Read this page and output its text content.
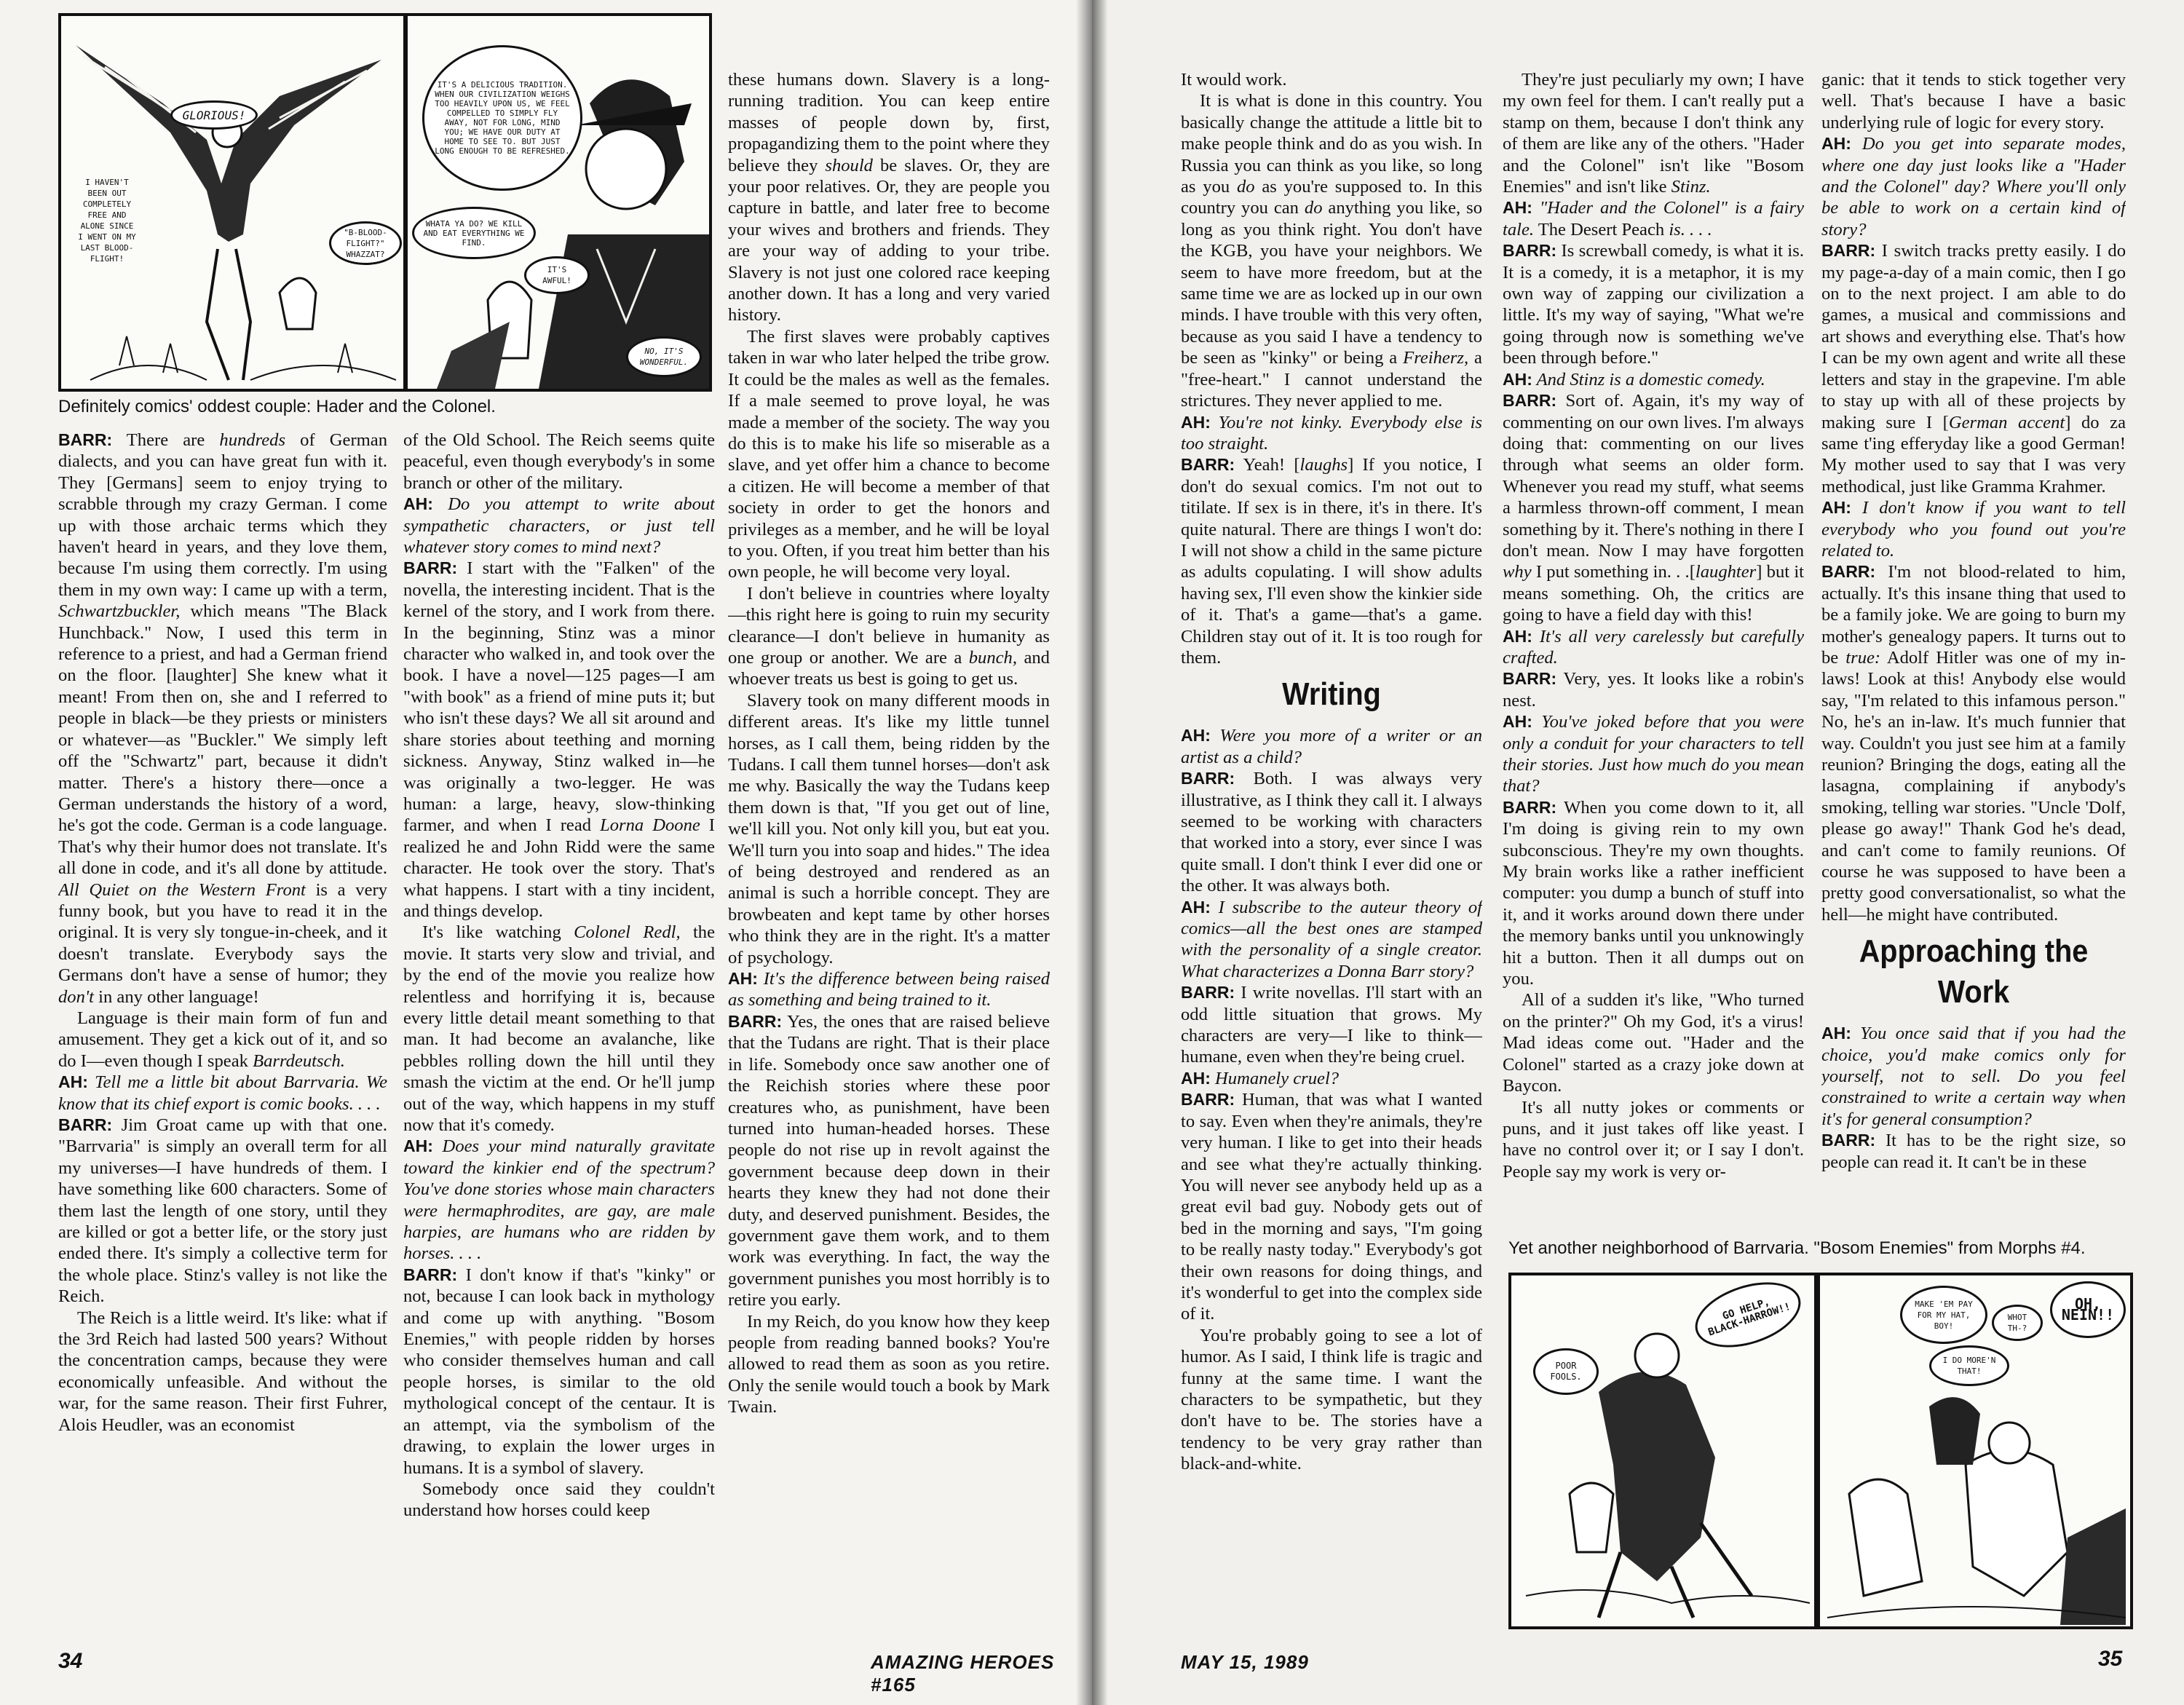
GLORIOUS!
I HAVEN'T BEEN OUT COMPLETELY FREE AND ALONE SINCE I WENT ON MY LAST BLOOD-FLIGHT!
"B-BLOOD-FLIGHT?" WHAZZAT?
IT'S A DELICIOUS TRADITION. WHEN OUR CIVILIZATION WEIGHS TOO HEAVILY UPON US, WE FEEL COMPELLED TO SIMPLY FLY AWAY, NOT FOR LONG, MIND YOU; WE HAVE OUR DUTY AT HOME TO SEE TO. BUT JUST LONG ENOUGH TO BE REFRESHED.
WHATA YA DO? WE KILL AND EAT EVERYTHING WE FIND.
IT'S AWFUL!
NO, IT'S WONDERFUL.
Definitely comics' oddest couple: Hader and the Colonel.

BARR: There are hundreds of German dialects, and you can have great fun with it. They [Germans] seem to enjoy trying to scrabble through my crazy German. I come up with those archaic terms which they haven't heard in years, and they love them, because I'm using them correctly. I'm using them in my own way: I came up with a term, Schwartzbuckler, which means "The Black Hunchback." Now, I used this term in reference to a priest, and had a German friend on the floor. [laughter] She knew what it meant! From then on, she and I referred to people in black—be they priests or ministers or whatever—as "Buckler." We simply left off the "Schwartz" part, because it didn't matter. There's a history there—once a German understands the history of a word, he's got the code. German is a code language. That's why their humor does not translate. It's all done in code, and it's all done by attitude. All Quiet on the Western Front is a very funny book, but you have to read it in the original. It is very sly tongue-in-cheek, and it doesn't translate. Everybody says the Germans don't have a sense of humor; they don't in any other language!

Language is their main form of fun and amusement. They get a kick out of it, and so do I—even though I speak Barrdeutsch.

AH: Tell me a little bit about Barrvaria. We know that its chief export is comic books. . . .

BARR: Jim Groat came up with that one. "Barrvaria" is simply an overall term for all my universes—I have hundreds of them. I have something like 600 characters. Some of them last the length of one story, until they are killed or got a better life, or the story just ended there. It's simply a collective term for the whole place. Stinz's valley is not like the Reich.

The Reich is a little weird. It's like: what if the 3rd Reich had lasted 500 years? Without the concentration camps, because they were economically unfeasible. And without the war, for the same reason. Their first Fuhrer, Alois Heudler, was an economist

of the Old School. The Reich seems quite peaceful, even though everybody's in some branch or other of the military.

AH: Do you attempt to write about sympathetic characters, or just tell whatever story comes to mind next?

BARR: I start with the "Falken" of the novella, the interesting incident. That is the kernel of the story, and I work from there. In the beginning, Stinz was a minor character who walked in, and took over the book. I have a novel—125 pages—I am "with book" as a friend of mine puts it; but who isn't these days? We all sit around and share stories about teething and morning sickness. Anyway, Stinz walked in—he was originally a two-legger. He was human: a large, heavy, slow-thinking farmer, and when I read Lorna Doone I realized he and John Ridd were the same character. He took over the story. That's what happens. I start with a tiny incident, and things develop.

It's like watching Colonel Redl, the movie. It starts very slow and trivial, and by the end of the movie you realize how relentless and horrifying it is, because every little detail meant something to that man. It had become an avalanche, like pebbles rolling down the hill until they smash the victim at the end. Or he'll jump out of the way, which happens in my stuff now that it's comedy.

AH: Does your mind naturally gravitate toward the kinkier end of the spectrum? You've done stories whose main characters were hermaphrodites, are gay, are male harpies, are humans who are ridden by horses. . . .

BARR: I don't know if that's "kinky" or not, because I can look back in mythology and come up with anything. "Bosom Enemies," with people ridden by horses who consider themselves human and call people horses, is similar to the old mythological concept of the centaur. It is an attempt, via the symbolism of the drawing, to explain the lower urges in humans. It is a symbol of slavery.

Somebody once said they couldn't understand how horses could keep

these humans down. Slavery is a long-running tradition. You can keep entire masses of people down by, first, propagandizing them to the point where they believe they should be slaves. Or, they are your poor relatives. Or, they are people you capture in battle, and later free to become your wives and brothers and friends. They are your way of adding to your tribe. Slavery is not just one colored race keeping another down. It has a long and very varied history.

The first slaves were probably captives taken in war who later helped the tribe grow. It could be the males as well as the females. If a male seemed to prove loyal, he was made a member of the society. The way you do this is to make his life so miserable as a slave, and yet offer him a chance to become a citizen. He will become a member of that society in order to get the honors and privileges as a member, and he will be loyal to you. Often, if you treat him better than his own people, he will become very loyal.

I don't believe in countries where loyalty—this right here is going to ruin my security clearance—I don't believe in humanity as one group or another. We are a bunch, and whoever treats us best is going to get us.

Slavery took on many different moods in different areas. It's like my little tunnel horses, as I call them, being ridden by the Tudans. I call them tunnel horses—don't ask me why. Basically the way the Tudans keep them down is that, "If you get out of line, we'll kill you. Not only kill you, but eat you. We'll turn you into soap and hides." The idea of being destroyed and rendered as an animal is such a horrible concept. They are browbeaten and kept tame by other horses who think they are in the right. It's a matter of psychology.

AH: It's the difference between being raised as something and being trained to it.

BARR: Yes, the ones that are raised believe that the Tudans are right. That is their place in life. Somebody once saw another one of the Reichish stories where these poor creatures who, as punishment, have been turned into human-headed horses. These people do not rise up in revolt against the government because deep down in their hearts they knew they had not done their duty, and deserved punishment. Besides, the government gave them work, and to them work was everything. In fact, the way the government punishes you most horribly is to retire you early.

In my Reich, do you know how they keep people from reading banned books? You're allowed to read them as soon as you retire. Only the senile would touch a book by Mark Twain.

34	AMAZING HEROES #165

It would work.

It is what is done in this country. You basically change the attitude a little bit to make people think and do as you wish. In Russia you can think as you like, so long as you do as you're supposed to. In this country you can do anything you like, so long as you think right. You don't have the KGB, you have your neighbors. We seem to have more freedom, but at the same time we are as locked up in our own minds. I have trouble with this very often, because as you said I have a tendency to be seen as "kinky" or being a Freiherz, a "free-heart." I cannot understand the strictures. They never applied to me.

AH: You're not kinky. Everybody else is too straight.

BARR: Yeah! [laughs] If you notice, I don't do sexual comics. I'm not out to titilate. If sex is in there, it's in there. It's quite natural. There are things I won't do: I will not show a child in the same picture as adults copulating. I will show adults having sex, I'll even show the kinkier side of it. That's a game—that's a game. Children stay out of it. It is too rough for them.

Writing

AH: Were you more of a writer or an artist as a child?

BARR: Both. I was always very illustrative, as I think they call it. I always seemed to be working with characters that worked into a story, ever since I was quite small. I don't think I ever did one or the other. It was always both.

AH: I subscribe to the auteur theory of comics—all the best ones are stamped with the personality of a single creator. What characterizes a Donna Barr story?

BARR: I write novellas. I'll start with an odd little situation that grows. My characters are very—I like to think—humane, even when they're being cruel.

AH: Humanely cruel?

BARR: Human, that was what I wanted to say. Even when they're animals, they're very human. I like to get into their heads and see what they're actually thinking. You will never see anybody held up as a great evil bad guy. Nobody gets out of bed in the morning and says, "I'm going to be really nasty today." Everybody's got their own reasons for doing things, and it's wonderful to get into the complex side of it.

You're probably going to see a lot of humor. As I said, I think life is tragic and funny at the same time. I want the characters to be sympathetic, but they don't have to be. The stories have a tendency to be very gray rather than black-and-white.

They're just peculiarly my own; I have my own feel for them. I can't really put a stamp on them, because I don't think any of them are like any of the others. "Hader and the Colonel" isn't like "Bosom Enemies" and isn't like Stinz.

AH: "Hader and the Colonel" is a fairy tale. The Desert Peach is. . . .

BARR: Is screwball comedy, is what it is. It is a comedy, it is a metaphor, it is my own way of zapping our civilization a little. It's my way of saying, "What we're going through now is something we've been through before."

AH: And Stinz is a domestic comedy.

BARR: Sort of. Again, it's my way of commenting on our own lives. I'm always doing that: commenting on our lives through what seems an older form. Whenever you read my stuff, what seems a harmless thrown-off comment, I mean something by it. There's nothing in there I don't mean. Now I may have forgotten why I put something in. . .[laughter] but it means something. Oh, the critics are going to have a field day with this!

AH: It's all very carelessly but carefully crafted.

BARR: Very, yes. It looks like a robin's nest.

AH: You've joked before that you were only a conduit for your characters to tell their stories. Just how much do you mean that?

BARR: When you come down to it, all I'm doing is giving rein to my own subconscious. They're my own thoughts. My brain works like a rather inefficient computer: you dump a bunch of stuff into it, and it works around down there under the memory banks until you unknowingly hit a button. Then it all dumps out on you.

All of a sudden it's like, "Who turned on the printer?" Oh my God, it's a virus! Mad ideas come out. "Hader and the Colonel" started as a crazy joke down at Baycon.

It's all nutty jokes or comments or puns, and it just takes off like yeast. I have no control over it; or I say I don't. People say my work is very or-

ganic: that it tends to stick together very well. That's because I have a basic underlying rule of logic for every story.

AH: Do you get into separate modes, where one day just looks like a "Hader and the Colonel" day? Where you'll only be able to work on a certain kind of story?

BARR: I switch tracks pretty easily. I do my page-a-day of a main comic, then I go on to the next project. I am able to do games, a musical and commissions and art shows and everything else. That's how I can be my own agent and write all these letters and stay in the grapevine. I'm able to stay up with all of these projects by making sure I [German accent] do za same t'ing efferyday like a good German! My mother used to say that I was very methodical, just like Gramma Krahmer.

AH: I don't know if you want to tell everybody who you found out you're related to.

BARR: I'm not blood-related to him, actually. It's this insane thing that used to be a family joke. We are going to burn my mother's genealogy papers. It turns out to be true: Adolf Hitler was one of my in-laws! Look at this! Anybody else would say, "I'm related to this infamous person." No, he's an in-law. It's much funnier that way. Couldn't you just see him at a family reunion? Bringing the dogs, eating all the lasagna, complaining if anybody's smoking, telling war stories. "Uncle 'Dolf, please go away!" Thank God he's dead, and can't come to family reunions. Of course he was supposed to have been a pretty good conversationalist, so what the hell—he might have contributed.

Approaching the Work

AH: You once said that if you had the choice, you'd make comics only for yourself, not to sell. Do you feel constrained to write a certain way when it's for general consumption?

BARR: It has to be the right size, so people can read it. It can't be in these

Yet another neighborhood of Barrvaria. "Bosom Enemies" from Morphs #4.
POOR FOOLS.
GO HELP, BLACK-HARROW!!	MAKE 'EM PAY FOR MY HAT, BOY!
WHOT TH-?
I DO MORE'N THAT!
OH, NEIN!!
MAY 15, 1989	35
